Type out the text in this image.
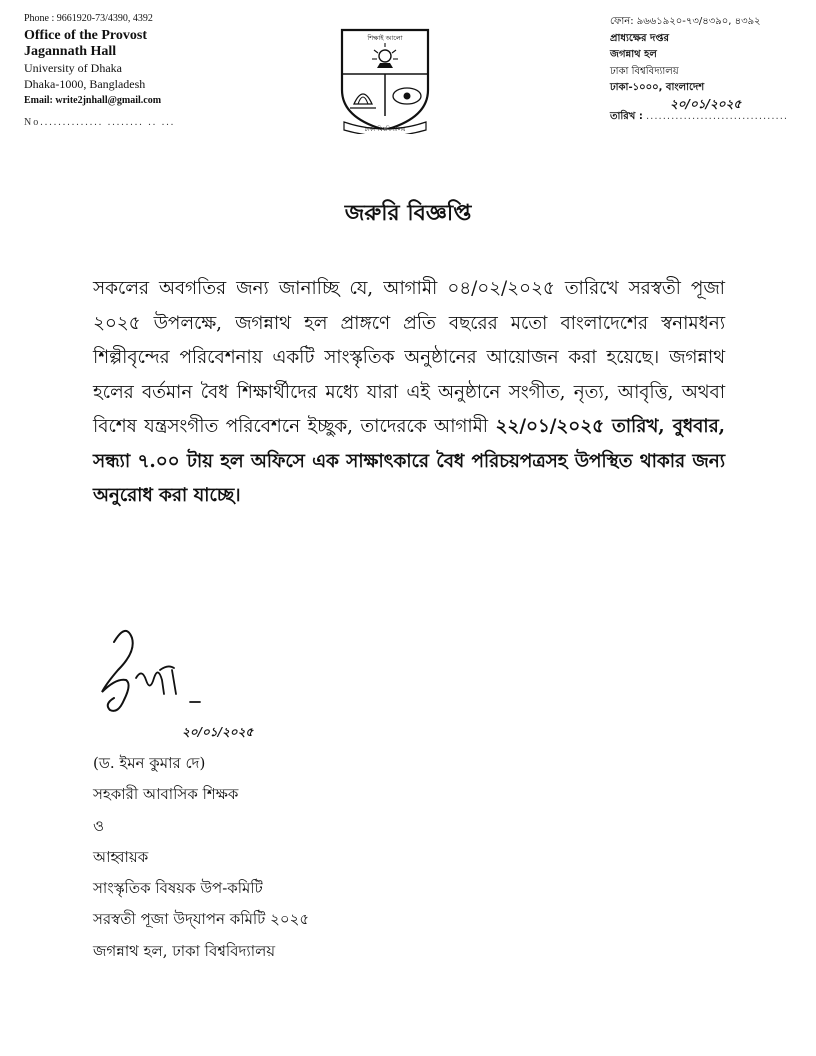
Phone : 9661920-73/4390, 4392
Office of the Provost
Jagannath Hall
University of Dhaka
Dhaka-1000, Bangladesh
Email: write2jnhall@gmail.com
No.............. ........ .. ...
শিক্ষাই আলো
ঢাকা বিশ্ববিদ্যালয়
ফোন: ৯৬৬১৯২০-৭৩/৪৩৯০, ৪৩৯২
প্রাধ্যক্ষের দপ্তর
জগন্নাথ হল
ঢাকা বিশ্ববিদ্যালয়
ঢাকা-১০০০, বাংলাদেশ
২০/০১/২০২৫
তারিখ : ..................................
জরুরি বিজ্ঞপ্তি
সকলের অবগতির জন্য জানাচ্ছি যে, আগামী ০৪/০২/২০২৫ তারিখে সরস্বতী পূজা ২০২৫ উপলক্ষে, জগন্নাথ হল প্রাঙ্গণে প্রতি বছরের মতো বাংলাদেশের স্বনামধন্য শিল্পীবৃন্দের পরিবেশনায় একটি সাংস্কৃতিক অনুষ্ঠানের আয়োজন করা হয়েছে। জগন্নাথ হলের বর্তমান বৈধ শিক্ষার্থীদের মধ্যে যারা এই অনুষ্ঠানে সংগীত, নৃত্য, আবৃত্তি, অথবা বিশেষ যন্ত্রসংগীত পরিবেশনে ইচ্ছুক, তাদেরকে আগামী ২২/০১/২০২৫ তারিখ, বুধবার, সন্ধ্যা ৭.০০ টায় হল অফিসে এক সাক্ষাৎকারে বৈধ পরিচয়পত্রসহ উপস্থিত থাকার জন্য অনুরোধ করা যাচ্ছে।
২০/০১/২০২৫
(ড. ইমন কুমার দে)
সহকারী আবাসিক শিক্ষক
ও
আহ্বায়ক
সাংস্কৃতিক বিষয়ক উপ-কমিটি
সরস্বতী পূজা উদ্‌যাপন কমিটি ২০২৫
জগন্নাথ হল, ঢাকা বিশ্ববিদ্যালয়
